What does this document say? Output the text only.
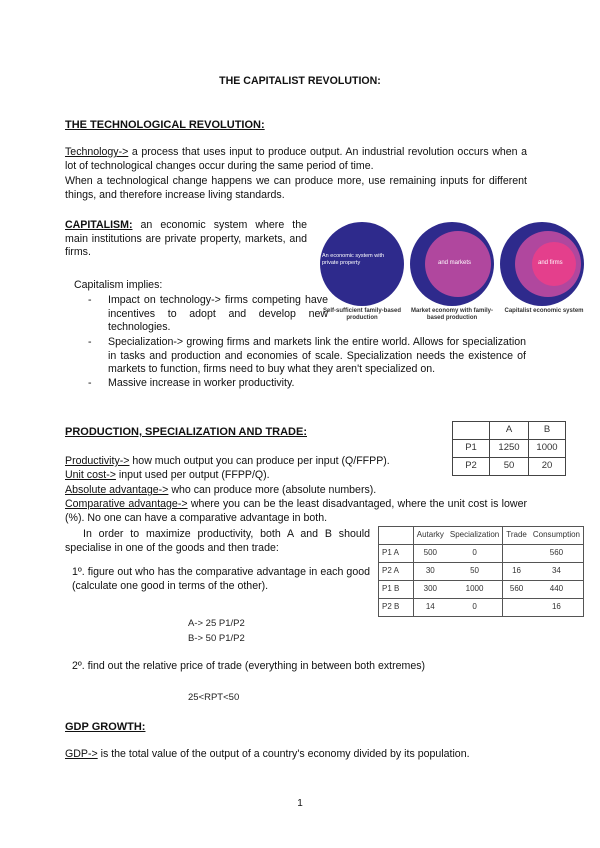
THE CAPITALIST REVOLUTION:
THE TECHNOLOGICAL REVOLUTION:
Technology-> a process that uses input to produce output. An industrial revolution occurs when a lot of technological changes occur during the same period of time.
When a technological change happens we can produce more, use remaining inputs for different things, and therefore increase living standards.
CAPITALISM: an economic system where the main institutions are private property, markets, and firms.	An economic system with private property	and markets	and firms
Self-sufficient family-based production
Market economy with family-based production
Capitalist economic system
Capitalism implies:
- Impact on technology-> firms competing have incentives to adopt and develop new technologies.
- Specialization-> growing firms and markets link the entire world. Allows for specialization in tasks and production and economies of scale. Specialization needs the existence of markets to function, firms need to buy what they aren't specialized on.
- Massive increase in worker productivity.
PRODUCTION, SPECIALIZATION AND TRADE:
		A	B
P1	1250	1000
P2	50	20
Productivity-> how much output you can produce per input (Q/FFPP).
Unit cost-> input used per output (FFPP/Q).
Absolute advantage-> who can produce more (absolute numbers).
Comparative advantage-> where you can be the least disadvantaged, where the unit cost is lower (%). No one can have a comparative advantage in both.
In order to maximize productivity, both A and B should specialise in one of the goods and then trade:
	Autarky	Specialization	Trade	Consumption
P1 A	500	0		560
P2 A	30	50	16	34
P1 B	300	1000	560	440
P2 B	14	0		16
1º. figure out who has the comparative advantage in each good (calculate one good in terms of the other).
A-> 25 P1/P2
B-> 50 P1/P2
2º. find out the relative price of trade (everything in between both extremes)
25<RPT<50
GDP GROWTH:
GDP-> is the total value of the output of a country's economy divided by its population.
1
